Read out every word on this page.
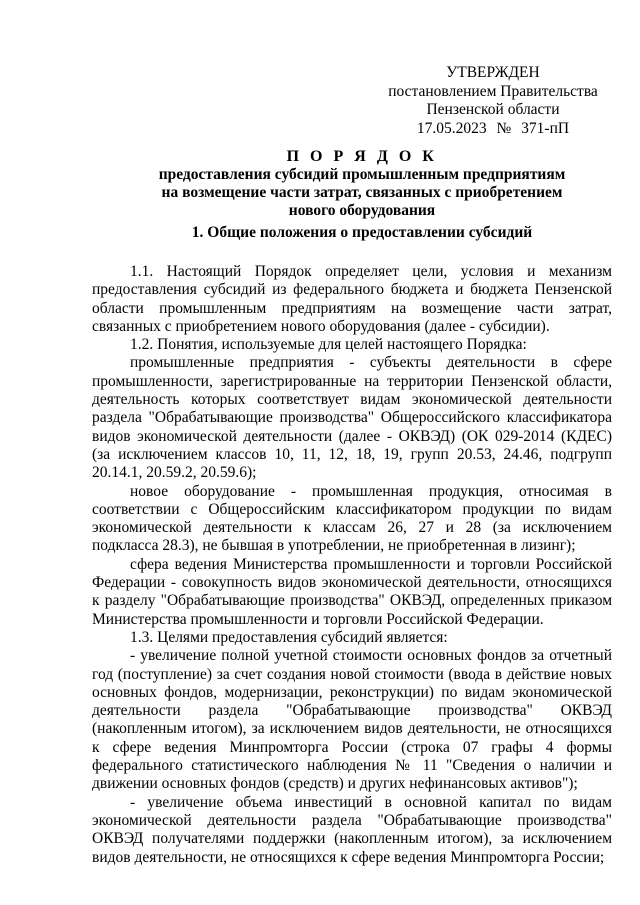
УТВЕРЖДЕН
постановлением Правительства
Пензенской области
17.05.2023 № 371-пП
П О Р Я Д О К
предоставления субсидий промышленным предприятиям
на возмещение части затрат, связанных с приобретением
нового оборудования
1. Общие положения о предоставлении субсидий

1.1. Настоящий Порядок определяет цели, условия и механизм предоставления субсидий из федерального бюджета и бюджета Пензенской области промышленным предприятиям на возмещение части затрат, связанных с приобретением нового оборудования (далее - субсидии).

1.2. Понятия, используемые для целей настоящего Порядка:

промышленные предприятия - субъекты деятельности в сфере промышленности, зарегистрированные на территории Пензенской области, деятельность которых соответствует видам экономической деятельности раздела "Обрабатывающие производства" Общероссийского классификатора видов экономической деятельности (далее - ОКВЭД) (ОК 029-2014 (КДЕС) (за исключением классов 10, 11, 12, 18, 19, групп 20.53, 24.46, подгрупп 20.14.1, 20.59.2, 20.59.6);

новое оборудование - промышленная продукция, относимая в соответствии с Общероссийским классификатором продукции по видам экономической деятельности к классам 26, 27 и 28 (за исключением подкласса 28.3), не бывшая в употреблении, не приобретенная в лизинг);

сфера ведения Министерства промышленности и торговли Российской Федерации - совокупность видов экономической деятельности, относящихся к разделу "Обрабатывающие производства" ОКВЭД, определенных приказом Министерства промышленности и торговли Российской Федерации.

1.3. Целями предоставления субсидий является:

- увеличение полной учетной стоимости основных фондов за отчетный год (поступление) за счет создания новой стоимости (ввода в действие новых основных фондов, модернизации, реконструкции) по видам экономической деятельности раздела "Обрабатывающие производства" ОКВЭД (накопленным итогом), за исключением видов деятельности, не относящихся к сфере ведения Минпромторга России (строка 07 графы 4 формы федерального статистического наблюдения № 11 "Сведения о наличии и движении основных фондов (средств) и других нефинансовых активов");

- увеличение объема инвестиций в основной капитал по видам экономической деятельности раздела "Обрабатывающие производства" ОКВЭД получателями поддержки (накопленным итогом), за исключением видов деятельности, не относящихся к сфере ведения Минпромторга России;
